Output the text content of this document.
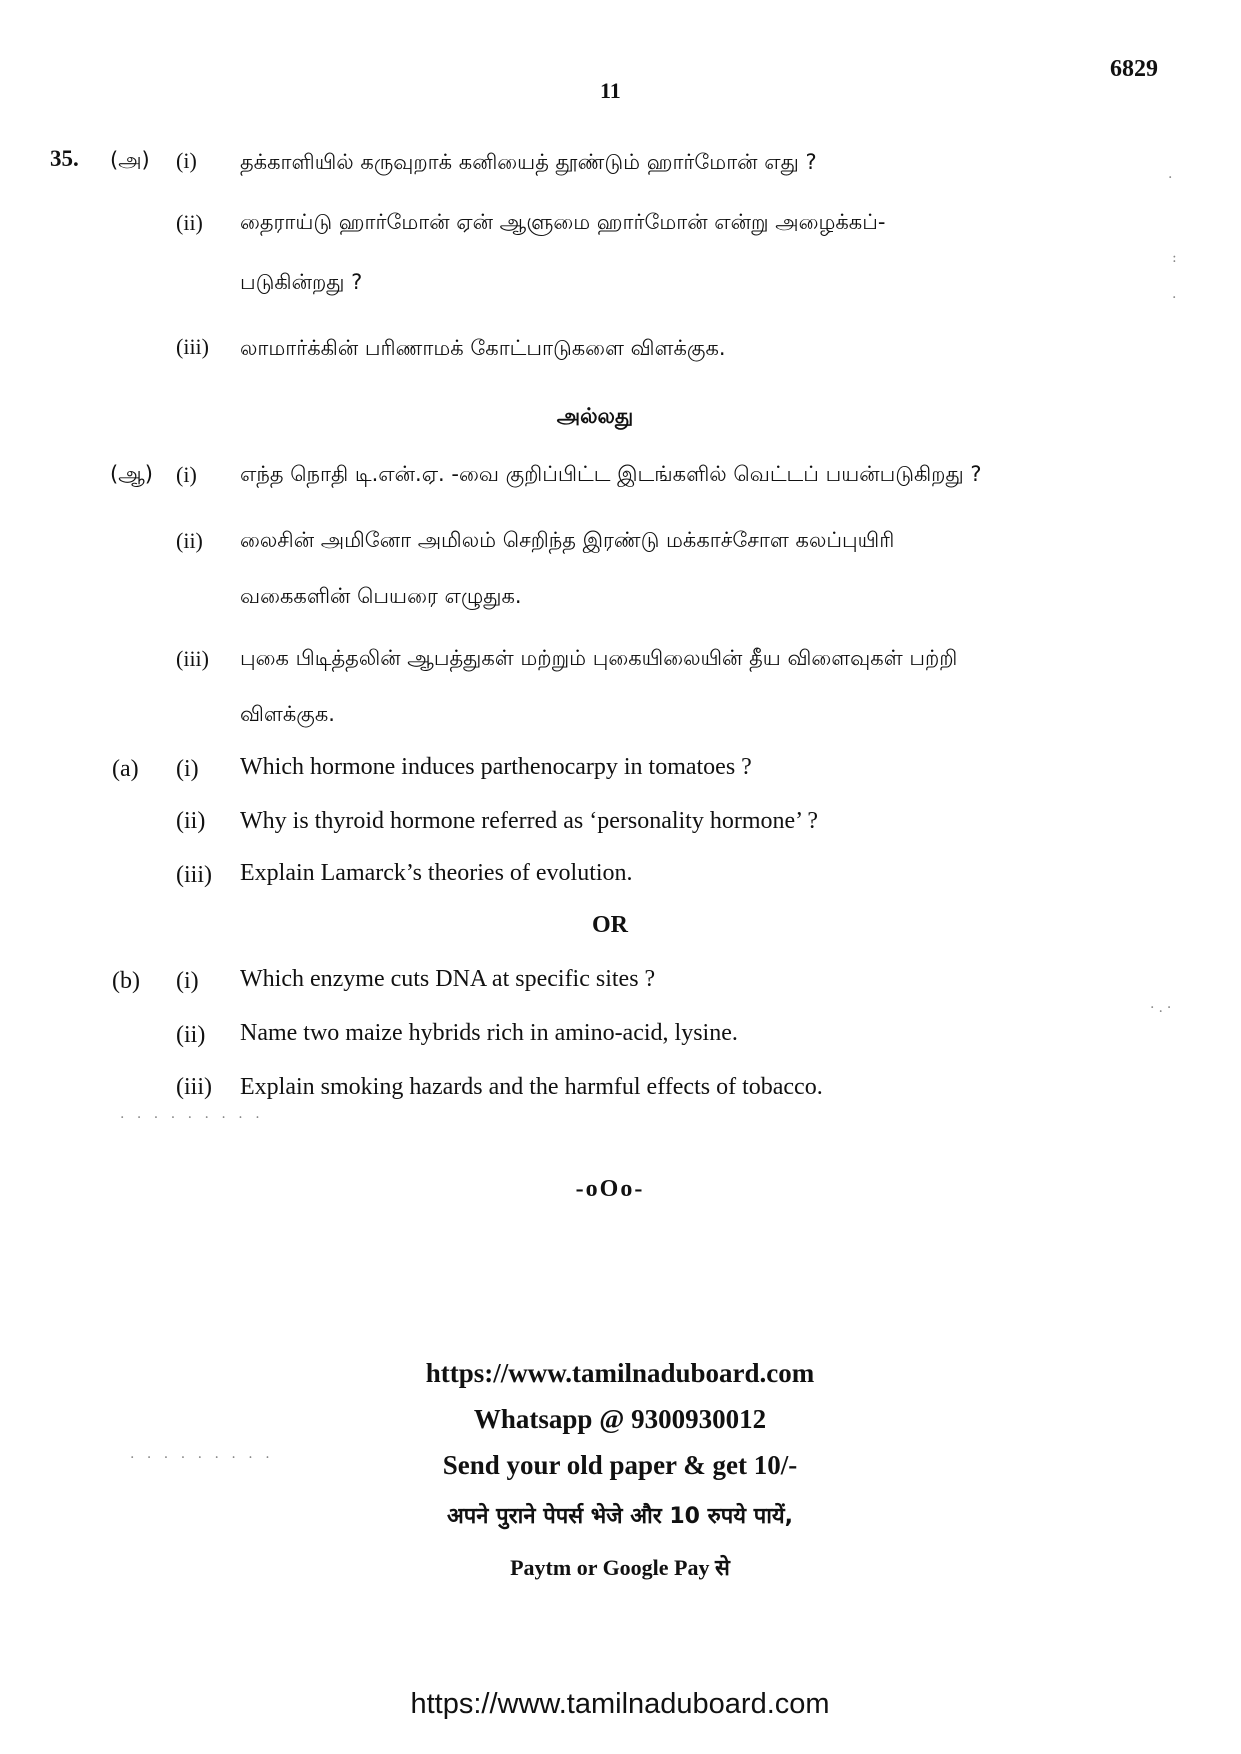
11
6829
35. (அ) (i) தக்காளியில் கருவுறாக் கனியைத் தூண்டும் ஹார்மோன் எது ?
(ii) தைராய்டு ஹார்மோன் ஏன் ஆளுமை ஹார்மோன் என்று அழைக்கப்-
படுகின்றது ?
(iii) லாமார்க்கின் பரிணாமக் கோட்பாடுகளை விளக்குக.
அல்லது
(ஆ) (i) எந்த நொதி டி.என்.ஏ. -வை குறிப்பிட்ட இடங்களில் வெட்டப் பயன்படுகிறது ?
(ii) லைசின் அமினோ அமிலம் செறிந்த இரண்டு மக்காச்சோள கலப்புயிரி
வகைகளின் பெயரை எழுதுக.
(iii) புகை பிடித்தலின் ஆபத்துகள் மற்றும் புகையிலையின் தீய விளைவுகள் பற்றி
விளக்குக.
(a) (i) Which hormone induces parthenocarpy in tomatoes ?
(ii) Why is thyroid hormone referred as ‘personality hormone’ ?
(iii) Explain Lamarck’s theories of evolution.
OR
(b) (i) Which enzyme cuts DNA at specific sites ?
(ii) Name two maize hybrids rich in amino-acid, lysine.
(iii) Explain smoking hazards and the harmful effects of tobacco.
-oOo-
https://www.tamilnaduboard.com
Whatsapp @ 9300930012
Send your old paper & get 10/-
अपने पुराने पेपर्स भेजे और 10 रुपये पायें,
Paytm or Google Pay से
https://www.tamilnaduboard.com
·
:
·
·.·
· · · · · · · · ·
· · · · · · · · ·
